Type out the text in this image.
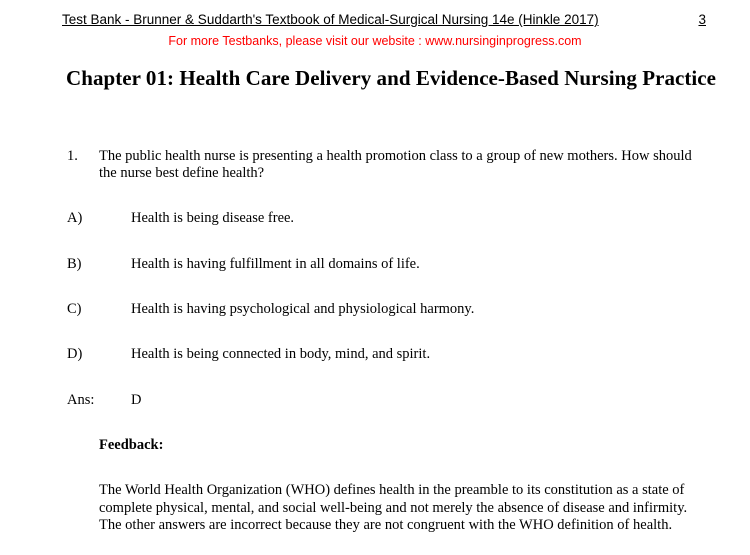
Test Bank - Brunner & Suddarth's Textbook of Medical-Surgical Nursing 14e (Hinkle 2017)	3
For more Testbanks, please visit our website : www.nursinginprogress.com
Chapter 01: Health Care Delivery and Evidence-Based Nursing Practice
1. The public health nurse is presenting a health promotion class to a group of new mothers. How should the nurse best define health?
A)	Health is being disease free.
B)	Health is having fulfillment in all domains of life.
C)	Health is having psychological and physiological harmony.
D)	Health is being connected in body, mind, and spirit.
Ans:	D
Feedback:
The World Health Organization (WHO) defines health in the preamble to its constitution as a state of complete physical, mental, and social well-being and not merely the absence of disease and infirmity. The other answers are incorrect because they are not congruent with the WHO definition of health.
